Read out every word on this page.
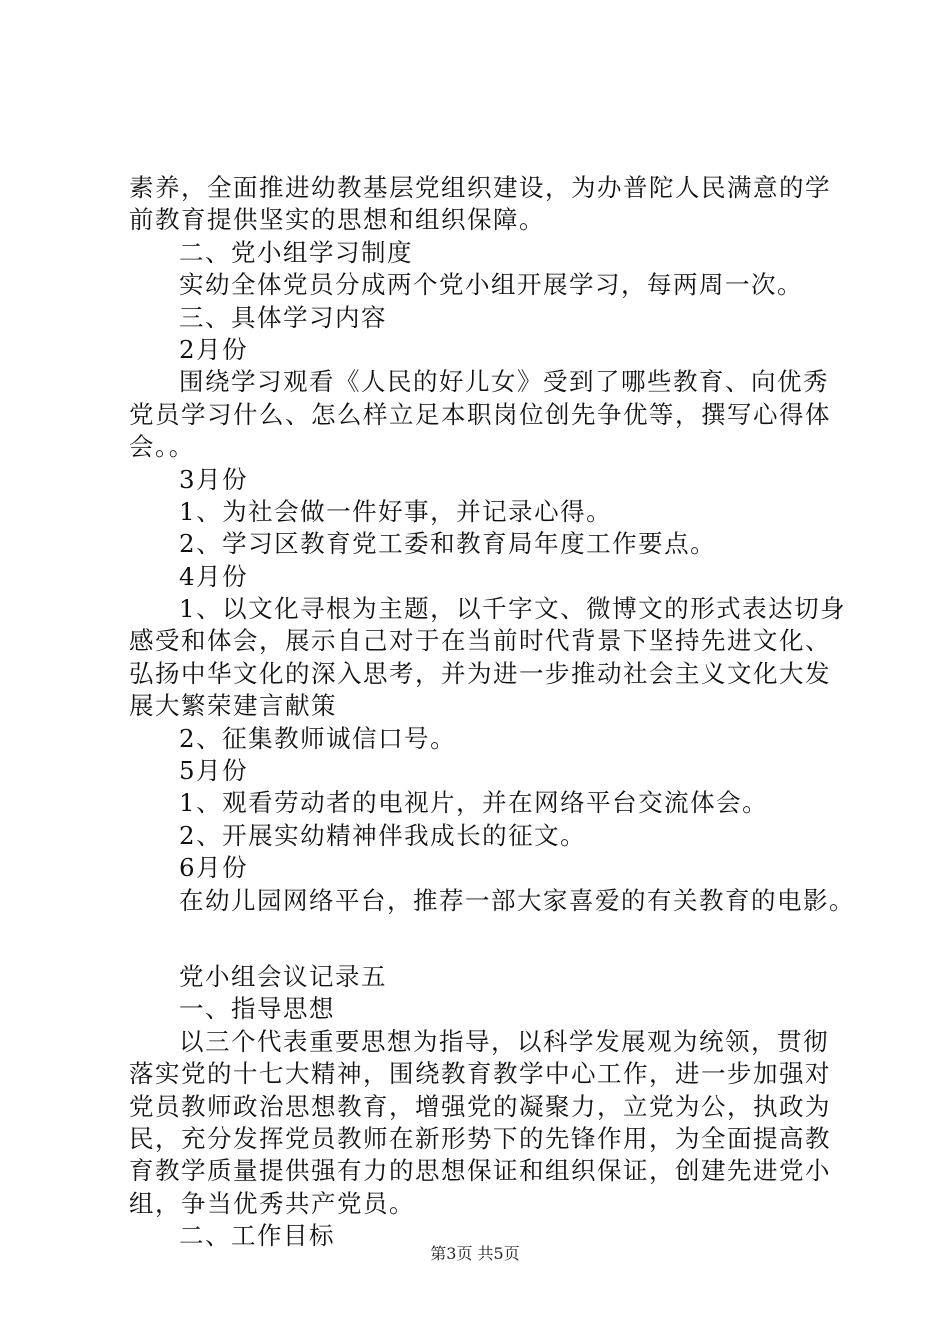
素养，全面推进幼教基层党组织建设，为办普陀人民满意的学
前教育提供坚实的思想和组织保障。
二、党小组学习制度
实幼全体党员分成两个党小组开展学习，每两周一次。
三、具体学习内容
2月份
围绕学习观看《人民的好儿女》受到了哪些教育、向优秀
党员学习什么、怎么样立足本职岗位创先争优等，撰写心得体
会。。
3月份
1、为社会做一件好事，并记录心得。
2、学习区教育党工委和教育局年度工作要点。
4月份
1、以文化寻根为主题，以千字文、微博文的形式表达切身
感受和体会，展示自己对于在当前时代背景下坚持先进文化、
弘扬中华文化的深入思考，并为进一步推动社会主义文化大发
展大繁荣建言献策
2、征集教师诚信口号。
5月份
1、观看劳动者的电视片，并在网络平台交流体会。
2、开展实幼精神伴我成长的征文。
6月份
在幼儿园网络平台，推荐一部大家喜爱的有关教育的电影。
党小组会议记录五
一、指导思想
以三个代表重要思想为指导，以科学发展观为统领，贯彻
落实党的十七大精神，围绕教育教学中心工作，进一步加强对
党员教师政治思想教育，增强党的凝聚力，立党为公，执政为
民，充分发挥党员教师在新形势下的先锋作用，为全面提高教
育教学质量提供强有力的思想保证和组织保证，创建先进党小
组，争当优秀共产党员。
二、工作目标
第3页 共5页
